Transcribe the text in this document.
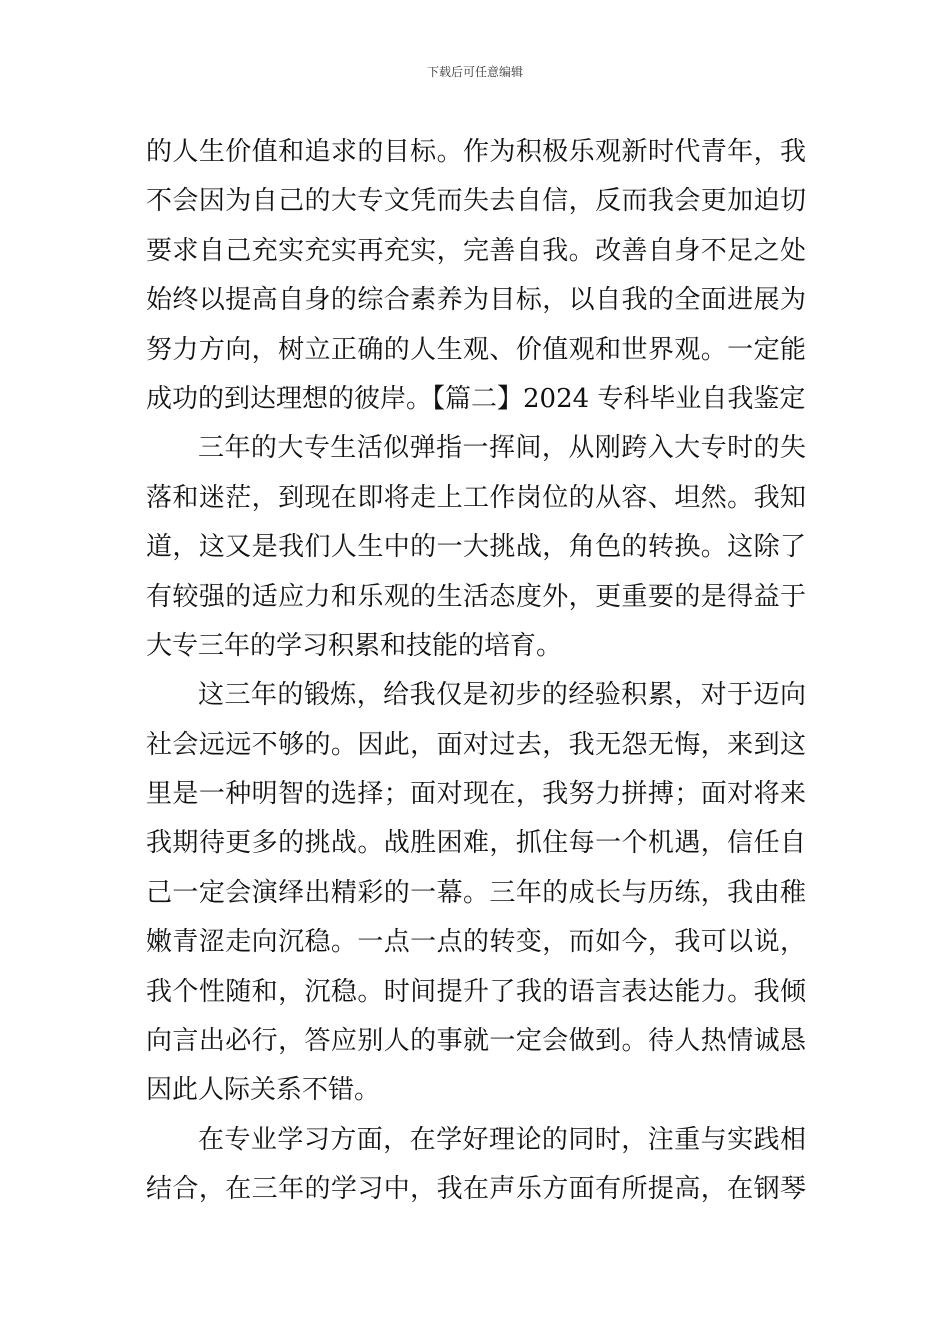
下载后可任意编辑
的人生价值和追求的目标。作为积极乐观新时代青年，我
不会因为自己的大专文凭而失去自信，反而我会更加迫切
要求自己充实充实再充实，完善自我。改善自身不足之处
始终以提高自身的综合素养为目标，以自我的全面进展为
努力方向，树立正确的人生观、价值观和世界观。一定能
成功的到达理想的彼岸。【篇二】2024 专科毕业自我鉴定
三年的大专生活似弹指一挥间，从刚跨入大专时的失
落和迷茫，到现在即将走上工作岗位的从容、坦然。我知
道，这又是我们人生中的一大挑战，角色的转换。这除了
有较强的适应力和乐观的生活态度外，更重要的是得益于
大专三年的学习积累和技能的培育。
这三年的锻炼，给我仅是初步的经验积累，对于迈向
社会远远不够的。因此，面对过去，我无怨无悔，来到这
里是一种明智的选择；面对现在，我努力拼搏；面对将来
我期待更多的挑战。战胜困难，抓住每一个机遇，信任自
己一定会演绎出精彩的一幕。三年的成长与历练，我由稚
嫩青涩走向沉稳。一点一点的转变，而如今，我可以说，
我个性随和，沉稳。时间提升了我的语言表达能力。我倾
向言出必行，答应别人的事就一定会做到。待人热情诚恳
因此人际关系不错。
在专业学习方面，在学好理论的同时，注重与实践相
结合，在三年的学习中，我在声乐方面有所提高，在钢琴
